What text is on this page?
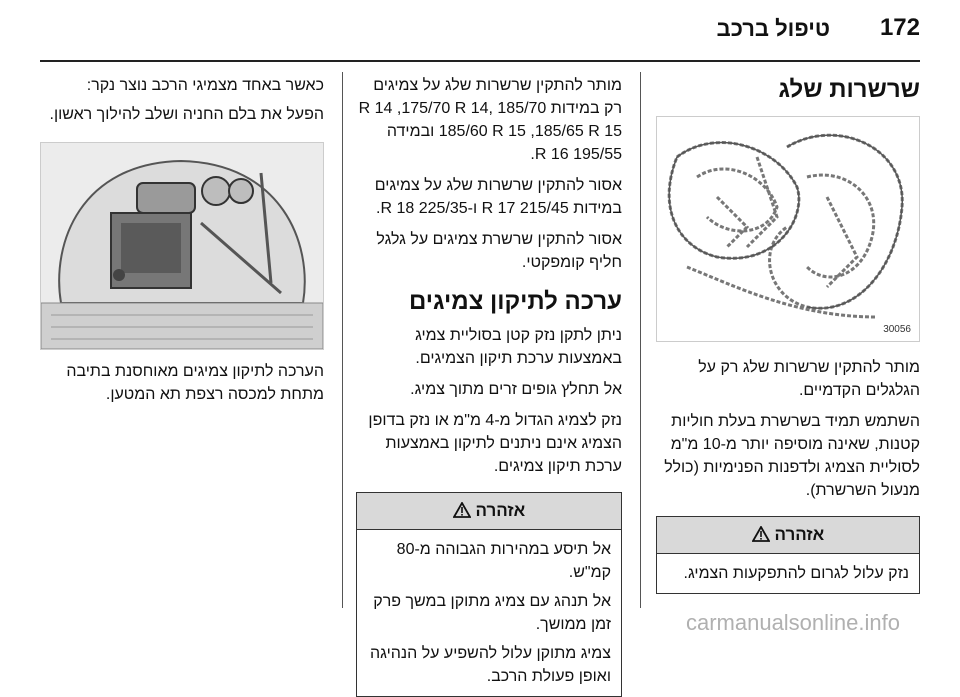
טיפול ברכב 172
שרשרות שלג
30056

מותר להתקין שרשרות שלג רק על הגלגלים הקדמיים.

השתמש תמיד בשרשרת בעלת חוליות קטנות, שאינה מוסיפה יותר מ-10 מ"מ לסוליית הצמיג ולדפנות הפנימיות (כולל מנעול השרשרת).

אזהרה

נזק עלול לגרום להתפקעות הצמיג.

מותר להתקין שרשרות שלג על צמיגים רק במידות 185/70 R 14 ,175/70 R 14, 185/60 R 15 ,185/65 R 15 ובמידה 195/55 R 16.

אסור להתקין שרשרות שלג על צמיגים במידות 215/45 R 17 ו-225/35 R 18.

אסור להתקין שרשרת צמיגים על גלגל חליף קומפקטי.

ערכה לתיקון צמיגים

ניתן לתקן נזק קטן בסוליית צמיג באמצעות ערכת תיקון הצמיגים.

אל תחלץ גופים זרים מתוך צמיג.

נזק לצמיג הגדול מ-4 מ"מ או נזק בדופן הצמיג אינם ניתנים לתיקון באמצעות ערכת תיקון צמיגים.

אזהרה

אל תיסע במהירות הגבוהה מ-80 קמ"ש.

אל תנהג עם צמיג מתוקן במשך פרק זמן ממושך.

צמיג מתוקן עלול להשפיע על הנהיגה ואופן פעולת הרכב.

כאשר באחד מצמיגי הרכב נוצר נקר:

הפעל את בלם החניה ושלב להילוך ראשון.

הערכה לתיקון צמיגים מאוחסנת בתיבה מתחת למכסה רצפת תא המטען.

carmanualsonline.info
